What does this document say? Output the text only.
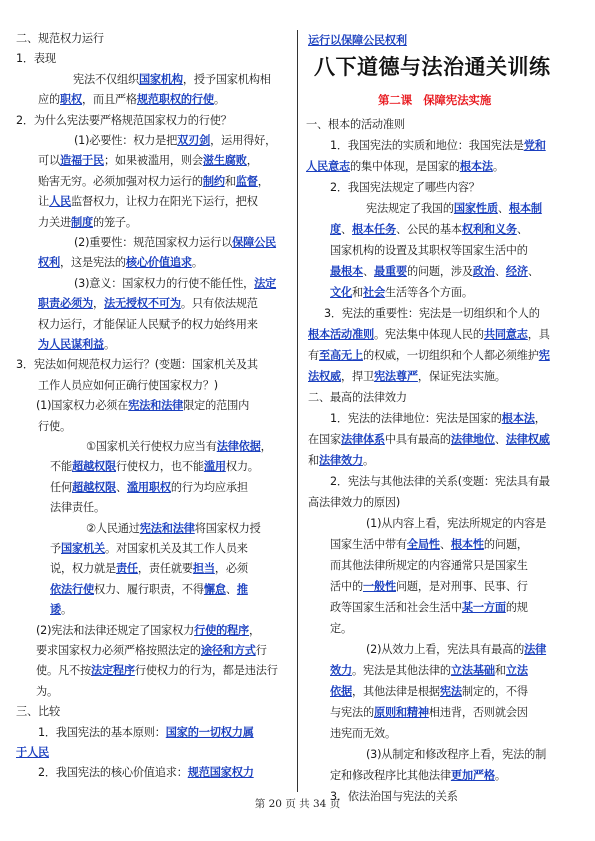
二、规范权力运行
1．表现
宪法不仅组织国家机构，授予国家机构相
应的职权，而且严格规范职权的行使。
2．为什么宪法要严格规范国家权力的行使？
(1)必要性：权力是把双刃剑，运用得好，
可以造福于民；如果被滥用，则会滋生腐败，
贻害无穷。必须加强对权力运行的制约和监督，
让人民监督权力，让权力在阳光下运行，把权
力关进制度的笼子。
(2)重要性：规范国家权力运行以保障公民
权利，这是宪法的核心价值追求。
(3)意义：国家权力的行使不能任性，法定
职责必须为，法无授权不可为。只有依法规范
权力运行，才能保证人民赋予的权力始终用来
为人民谋利益。
3．宪法如何规范权力运行？(变题：国家机关及其
工作人员应如何正确行使国家权力？)
(1)国家权力必须在宪法和法律限定的范围内
行使。
①国家机关行使权力应当有法律依据，
不能超越权限行使权力，也不能滥用权力。
任何超越权限、滥用职权的行为均应承担
法律责任。
②人民通过宪法和法律将国家权力授
予国家机关。对国家机关及其工作人员来
说，权力就是责任，责任就要担当，必须
依法行使权力、履行职责，不得懈怠、推
诿。
(2)宪法和法律还规定了国家权力行使的程序，
要求国家权力必须严格按照法定的途径和方式行
使。凡不按法定程序行使权力的行为，都是违法行
为。
三、比较
1．我国宪法的基本原则：国家的一切权力属
于人民
2．我国宪法的核心价值追求：规范国家权力
运行以保障公民权利
八下道德与法治通关训练
第二课　保障宪法实施
一、根本的活动准则
1．我国宪法的实质和地位：我国宪法是党和
人民意志的集中体现，是国家的根本法。
2．我国宪法规定了哪些内容？
宪法规定了我国的国家性质、根本制
度、根本任务、公民的基本权利和义务、
国家机构的设置及其职权等国家生活中的
最根本、最重要的问题，涉及政治、经济、
文化和社会生活等各个方面。
3．宪法的重要性：宪法是一切组织和个人的
根本活动准则。宪法集中体现人民的共同意志，具
有至高无上的权威，一切组织和个人都必须维护宪
法权威，捍卫宪法尊严，保证宪法实施。
二、最高的法律效力
1．宪法的法律地位：宪法是国家的根本法，
在国家法律体系中具有最高的法律地位、法律权威
和法律效力。
2．宪法与其他法律的关系(变题：宪法具有最
高法律效力的原因)
(1)从内容上看，宪法所规定的内容是
国家生活中带有全局性、根本性的问题，
而其他法律所规定的内容通常只是国家生
活中的一般性问题，是对刑事、民事、行
政等国家生活和社会生活中某一方面的规
定。
(2)从效力上看，宪法具有最高的法律
效力。宪法是其他法律的立法基础和立法
依据，其他法律是根据宪法制定的，不得
与宪法的原则和精神相违背，否则就会因
违宪而无效。
(3)从制定和修改程序上看，宪法的制
定和修改程序比其他法律更加严格。
3．依法治国与宪法的关系
第 20 页 共 34 页
